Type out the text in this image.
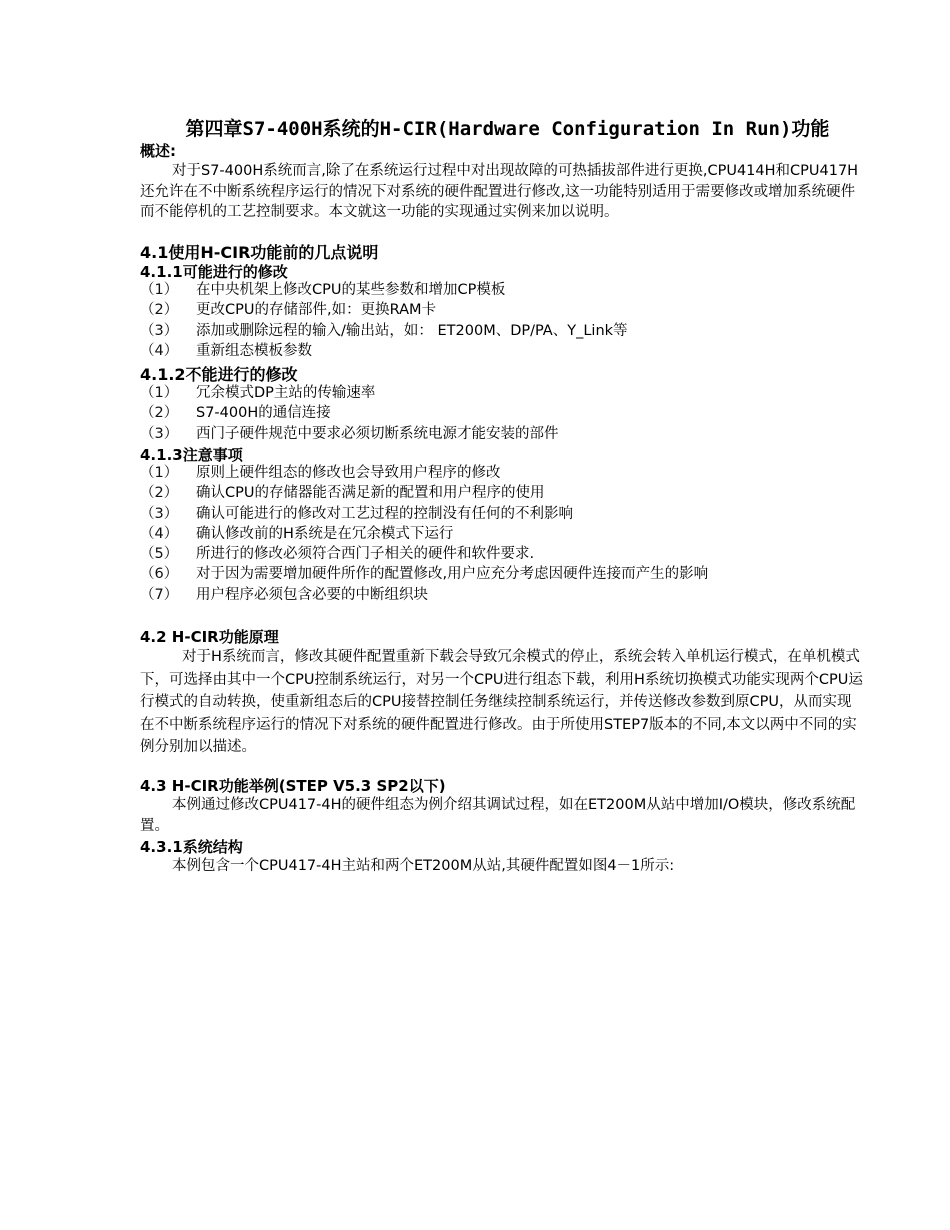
第四章S7-400H系统的H-CIR(Hardware Configuration In Run)功能
概述:

对于S7-400H系统而言,除了在系统运行过程中对出现故障的可热插拔部件进行更换,CPU414H和CPU417H还允许在不中断系统程序运行的情况下对系统的硬件配置进行修改,这一功能特别适用于需要修改或增加系统硬件而不能停机的工艺控制要求。本文就这一功能的实现通过实例来加以说明。

4.1使用H-CIR功能前的几点说明
4.1.1可能进行的修改
（1） 在中央机架上修改CPU的某些参数和增加CP模板
（2） 更改CPU的存储部件,如：更换RAM卡
（3） 添加或删除远程的输入/输出站，如： ET200M、DP/PA、Y_Link等
（4） 重新组态模板参数
4.1.2不能进行的修改
（1） 冗余模式DP主站的传输速率
（2） S7-400H的通信连接
（3） 西门子硬件规范中要求必须切断系统电源才能安装的部件
4.1.3注意事项
（1） 原则上硬件组态的修改也会导致用户程序的修改
（2） 确认CPU的存储器能否满足新的配置和用户程序的使用
（3） 确认可能进行的修改对工艺过程的控制没有任何的不利影响
（4） 确认修改前的H系统是在冗余模式下运行
（5） 所进行的修改必须符合西门子相关的硬件和软件要求.
（6） 对于因为需要增加硬件所作的配置修改,用户应充分考虑因硬件连接而产生的影响
（7） 用户程序必须包含必要的中断组织块
4.2 H-CIR功能原理

对于H系统而言，修改其硬件配置重新下载会导致冗余模式的停止，系统会转入单机运行模式，在单机模式下，可选择由其中一个CPU控制系统运行，对另一个CPU进行组态下载，利用H系统切换模式功能实现两个CPU运行模式的自动转换，使重新组态后的CPU接替控制任务继续控制系统运行，并传送修改参数到原CPU，从而实现在不中断系统程序运行的情况下对系统的硬件配置进行修改。由于所使用STEP7版本的不同,本文以两中不同的实例分别加以描述。

4.3 H-CIR功能举例(STEP V5.3 SP2以下)

本例通过修改CPU417-4H的硬件组态为例介绍其调试过程，如在ET200M从站中增加I/O模块，修改系统配置。

4.3.1系统结构

本例包含一个CPU417-4H主站和两个ET200M从站,其硬件配置如图4－1所示:
